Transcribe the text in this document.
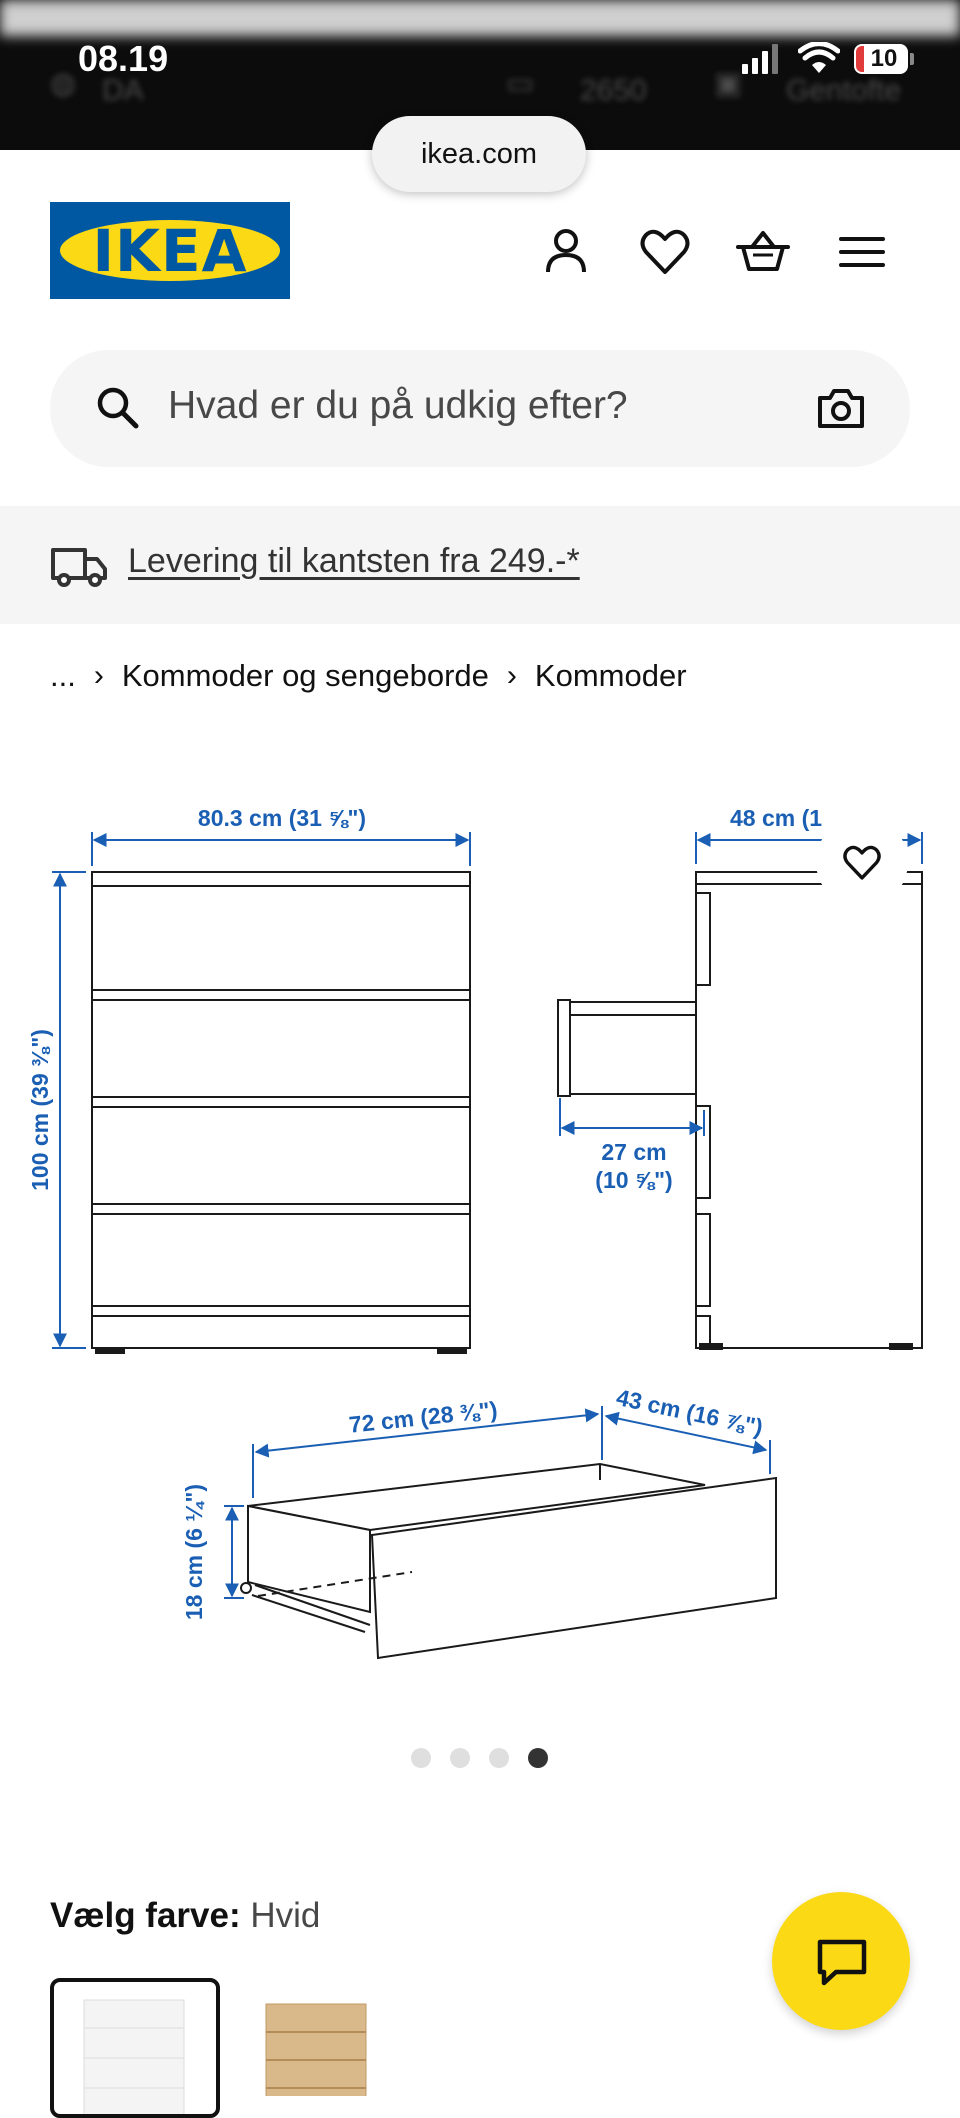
◍ DA	▭ 2650 ▣ Gentofte
08.19	10
ikea.com
IKEA
Hvad er du på udkig efter?
Levering til kantsten fra 249.-*
... › Kommoder og sengeborde › Kommoder
80.3 cm (31 ⅝")	48 cm (1
100 cm (39 ⅜")	27 cm
(10 ⅝")
72 cm (28 ⅜")	43 cm (16 ⅞")
18 cm (6 ¼")
Vælg farve: Hvid
